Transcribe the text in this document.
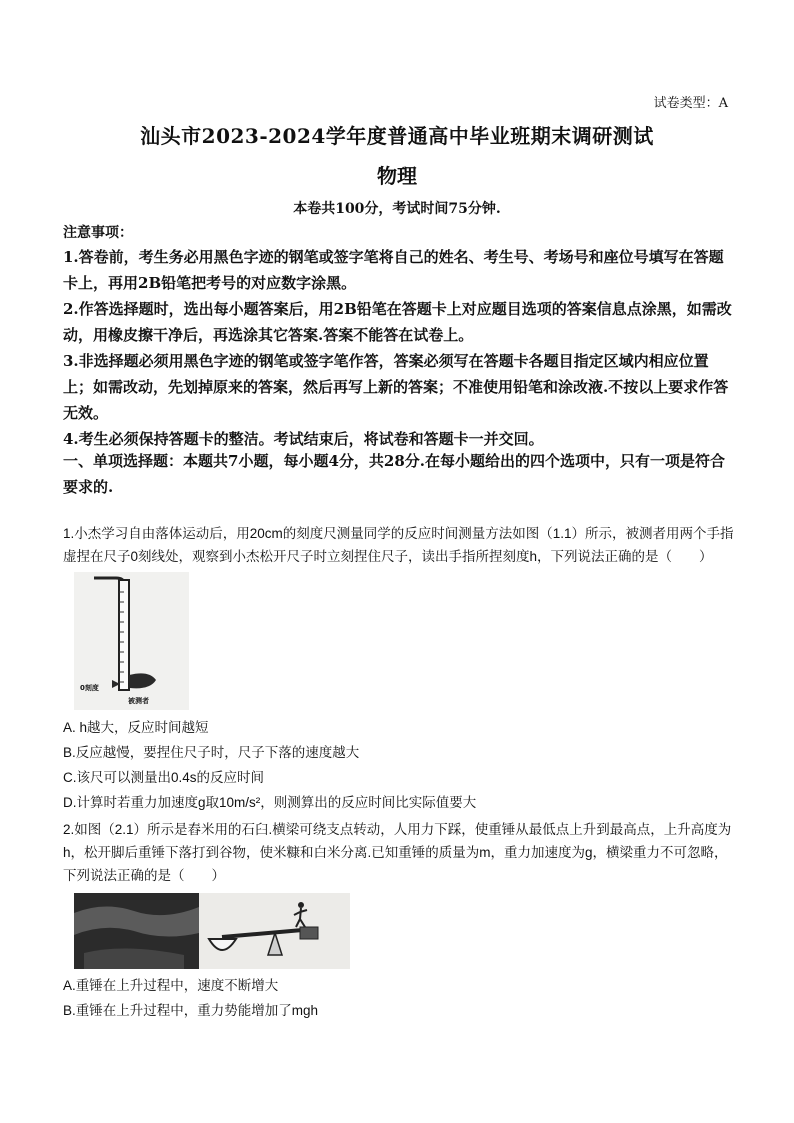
试卷类型：A
汕头市2023-2024学年度普通高中毕业班期末调研测试
物理
本卷共100分，考试时间75分钟.
注意事项：
1.答卷前，考生务必用黑色字迹的钢笔或签字笔将自己的姓名、考生号、考场号和座位号填写在答题卡上，再用2B铅笔把考号的对应数字涂黑。
2.作答选择题时，选出每小题答案后，用2B铅笔在答题卡上对应题目选项的答案信息点涂黑，如需改动，用橡皮擦干净后，再选涂其它答案.答案不能答在试卷上。
3.非选择题必须用黑色字迹的钢笔或签字笔作答，答案必须写在答题卡各题目指定区域内相应位置上；如需改动，先划掉原来的答案，然后再写上新的答案；不准使用铅笔和涂改液.不按以上要求作答无效。
4.考生必须保持答题卡的整洁。考试结束后，将试卷和答题卡一并交回。
一、单项选择题：本题共7小题，每小题4分，共28分.在每小题给出的四个选项中，只有一项是符合要求的.
1.小杰学习自由落体运动后，用20cm的刻度尺测量同学的反应时间测量方法如图（1.1）所示，被测者用两个手指虚捏在尺子0刻线处，观察到小杰松开尺子时立刻捏住尺子，读出手指所捏刻度h，下列说法正确的是（　　）
0刻度
被测者
A. h越大，反应时间越短
B.反应越慢，要捏住尺子时，尺子下落的速度越大
C.该尺可以测量出0.4s的反应时间
D.计算时若重力加速度g取10m/s²，则测算出的反应时间比实际值要大
2.如图（2.1）所示是舂米用的石臼.横梁可绕支点转动，人用力下踩，使重锤从最低点上升到最高点，上升高度为h，松开脚后重锤下落打到谷物，使米糠和白米分离.已知重锤的质量为m，重力加速度为g，横梁重力不可忽略，下列说法正确的是（　　）
A.重锤在上升过程中，速度不断增大
B.重锤在上升过程中，重力势能增加了mgh
